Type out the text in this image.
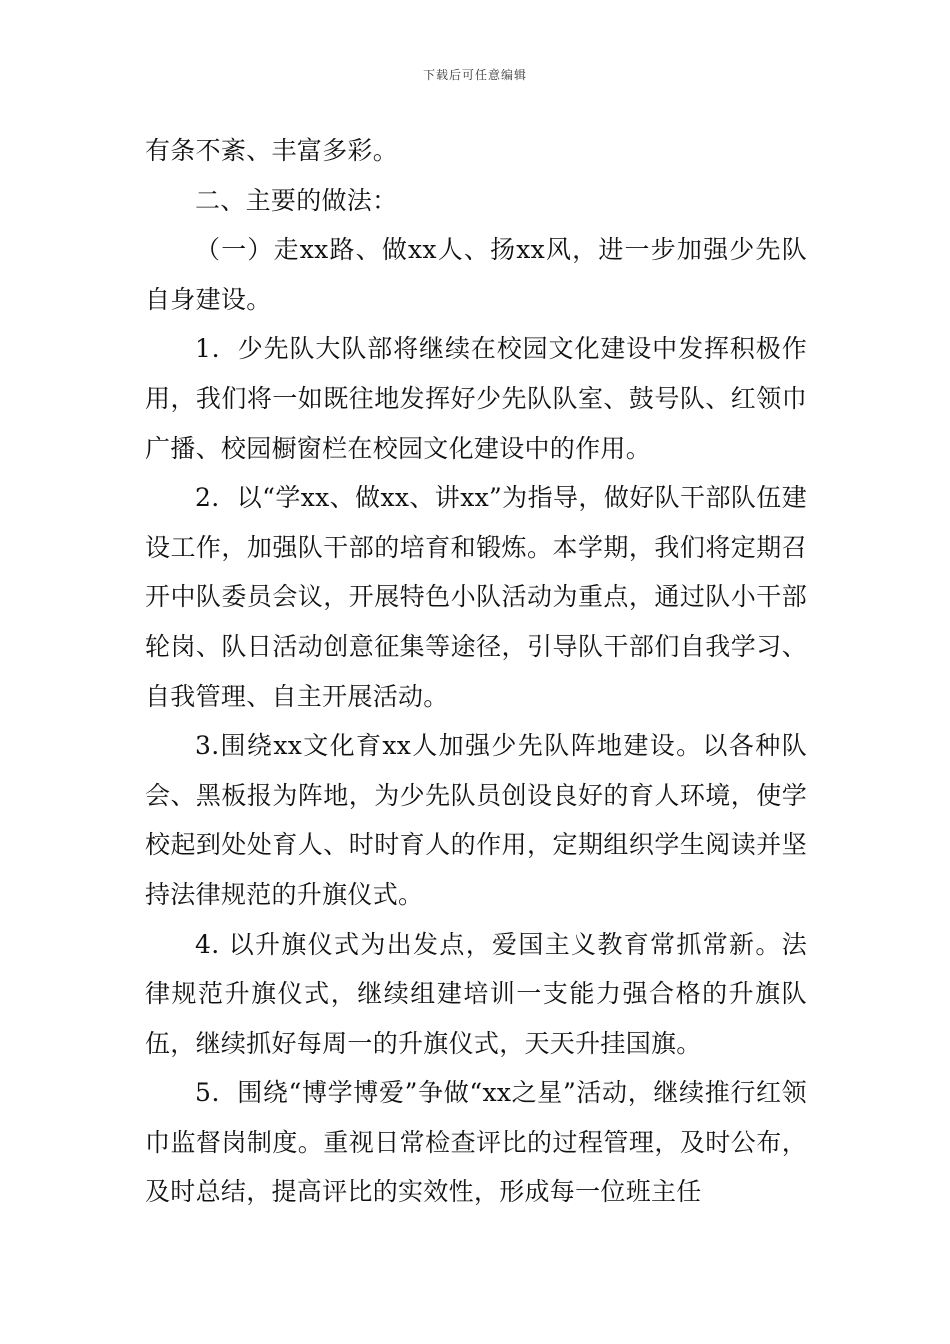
下载后可任意编辑

有条不紊、丰富多彩。

二、主要的做法：

（一）走xx路、做xx人、扬xx风，进一步加强少先队自身建设。

1．少先队大队部将继续在校园文化建设中发挥积极作用，我们将一如既往地发挥好少先队队室、鼓号队、红领巾广播、校园橱窗栏在校园文化建设中的作用。

2．以“学xx、做xx、讲xx”为指导，做好队干部队伍建设工作，加强队干部的培育和锻炼。本学期，我们将定期召开中队委员会议，开展特色小队活动为重点，通过队小干部轮岗、队日活动创意征集等途径，引导队干部们自我学习、自我管理、自主开展活动。

3.围绕xx文化育xx人加强少先队阵地建设。以各种队会、黑板报为阵地，为少先队员创设良好的育人环境，使学校起到处处育人、时时育人的作用，定期组织学生阅读并坚持法律规范的升旗仪式。

4. 以升旗仪式为出发点，爱国主义教育常抓常新。法律规范升旗仪式，继续组建培训一支能力强合格的升旗队伍，继续抓好每周一的升旗仪式，天天升挂国旗。

5．围绕“博学博爱”争做“xx之星”活动，继续推行红领巾监督岗制度。重视日常检查评比的过程管理，及时公布，及时总结，提高评比的实效性，形成每一位班主任
